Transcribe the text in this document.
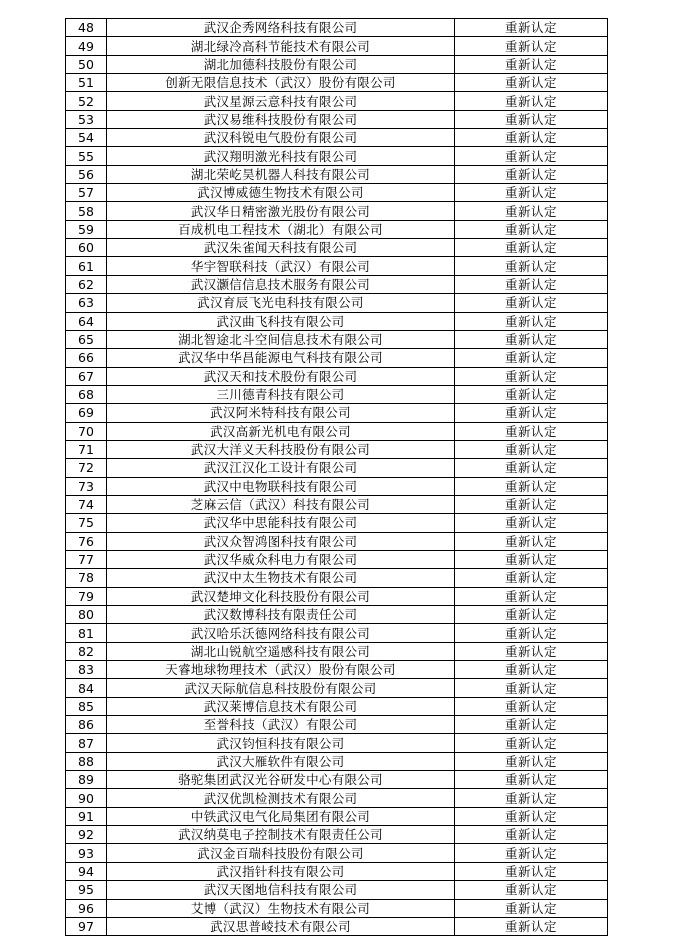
48	武汉企秀网络科技有限公司	重新认定
49	湖北绿冷高科节能技术有限公司	重新认定
50	湖北加德科技股份有限公司	重新认定
51	创新无限信息技术（武汉）股份有限公司	重新认定
52	武汉星源云意科技有限公司	重新认定
53	武汉易维科技股份有限公司	重新认定
54	武汉科锐电气股份有限公司	重新认定
55	武汉翔明激光科技有限公司	重新认定
56	湖北荣屹昊机器人科技有限公司	重新认定
57	武汉博威德生物技术有限公司	重新认定
58	武汉华日精密激光股份有限公司	重新认定
59	百成机电工程技术（湖北）有限公司	重新认定
60	武汉朱雀闻天科技有限公司	重新认定
61	华宇智联科技（武汉）有限公司	重新认定
62	武汉灏信信息技术服务有限公司	重新认定
63	武汉育辰飞光电科技有限公司	重新认定
64	武汉曲飞科技有限公司	重新认定
65	湖北智途北斗空间信息技术有限公司	重新认定
66	武汉华中华昌能源电气科技有限公司	重新认定
67	武汉天和技术股份有限公司	重新认定
68	三川德青科技有限公司	重新认定
69	武汉阿米特科技有限公司	重新认定
70	武汉高新光机电有限公司	重新认定
71	武汉大洋义天科技股份有限公司	重新认定
72	武汉江汉化工设计有限公司	重新认定
73	武汉中电物联科技有限公司	重新认定
74	芝麻云信（武汉）科技有限公司	重新认定
75	武汉华中思能科技有限公司	重新认定
76	武汉众智鸿图科技有限公司	重新认定
77	武汉华威众科电力有限公司	重新认定
78	武汉中太生物技术有限公司	重新认定
79	武汉楚坤文化科技股份有限公司	重新认定
80	武汉数博科技有限责任公司	重新认定
81	武汉哈乐沃德网络科技有限公司	重新认定
82	湖北山锐航空遥感科技有限公司	重新认定
83	天睿地球物理技术（武汉）股份有限公司	重新认定
84	武汉天际航信息科技股份有限公司	重新认定
85	武汉莱博信息技术有限公司	重新认定
86	至誉科技（武汉）有限公司	重新认定
87	武汉钧恒科技有限公司	重新认定
88	武汉大雁软件有限公司	重新认定
89	骆驼集团武汉光谷研发中心有限公司	重新认定
90	武汉优凯检测技术有限公司	重新认定
91	中铁武汉电气化局集团有限公司	重新认定
92	武汉纳莫电子控制技术有限责任公司	重新认定
93	武汉金百瑞科技股份有限公司	重新认定
94	武汉指针科技有限公司	重新认定
95	武汉天图地信科技有限公司	重新认定
96	艾博（武汉）生物技术有限公司	重新认定
97	武汉思普崚技术有限公司	重新认定
